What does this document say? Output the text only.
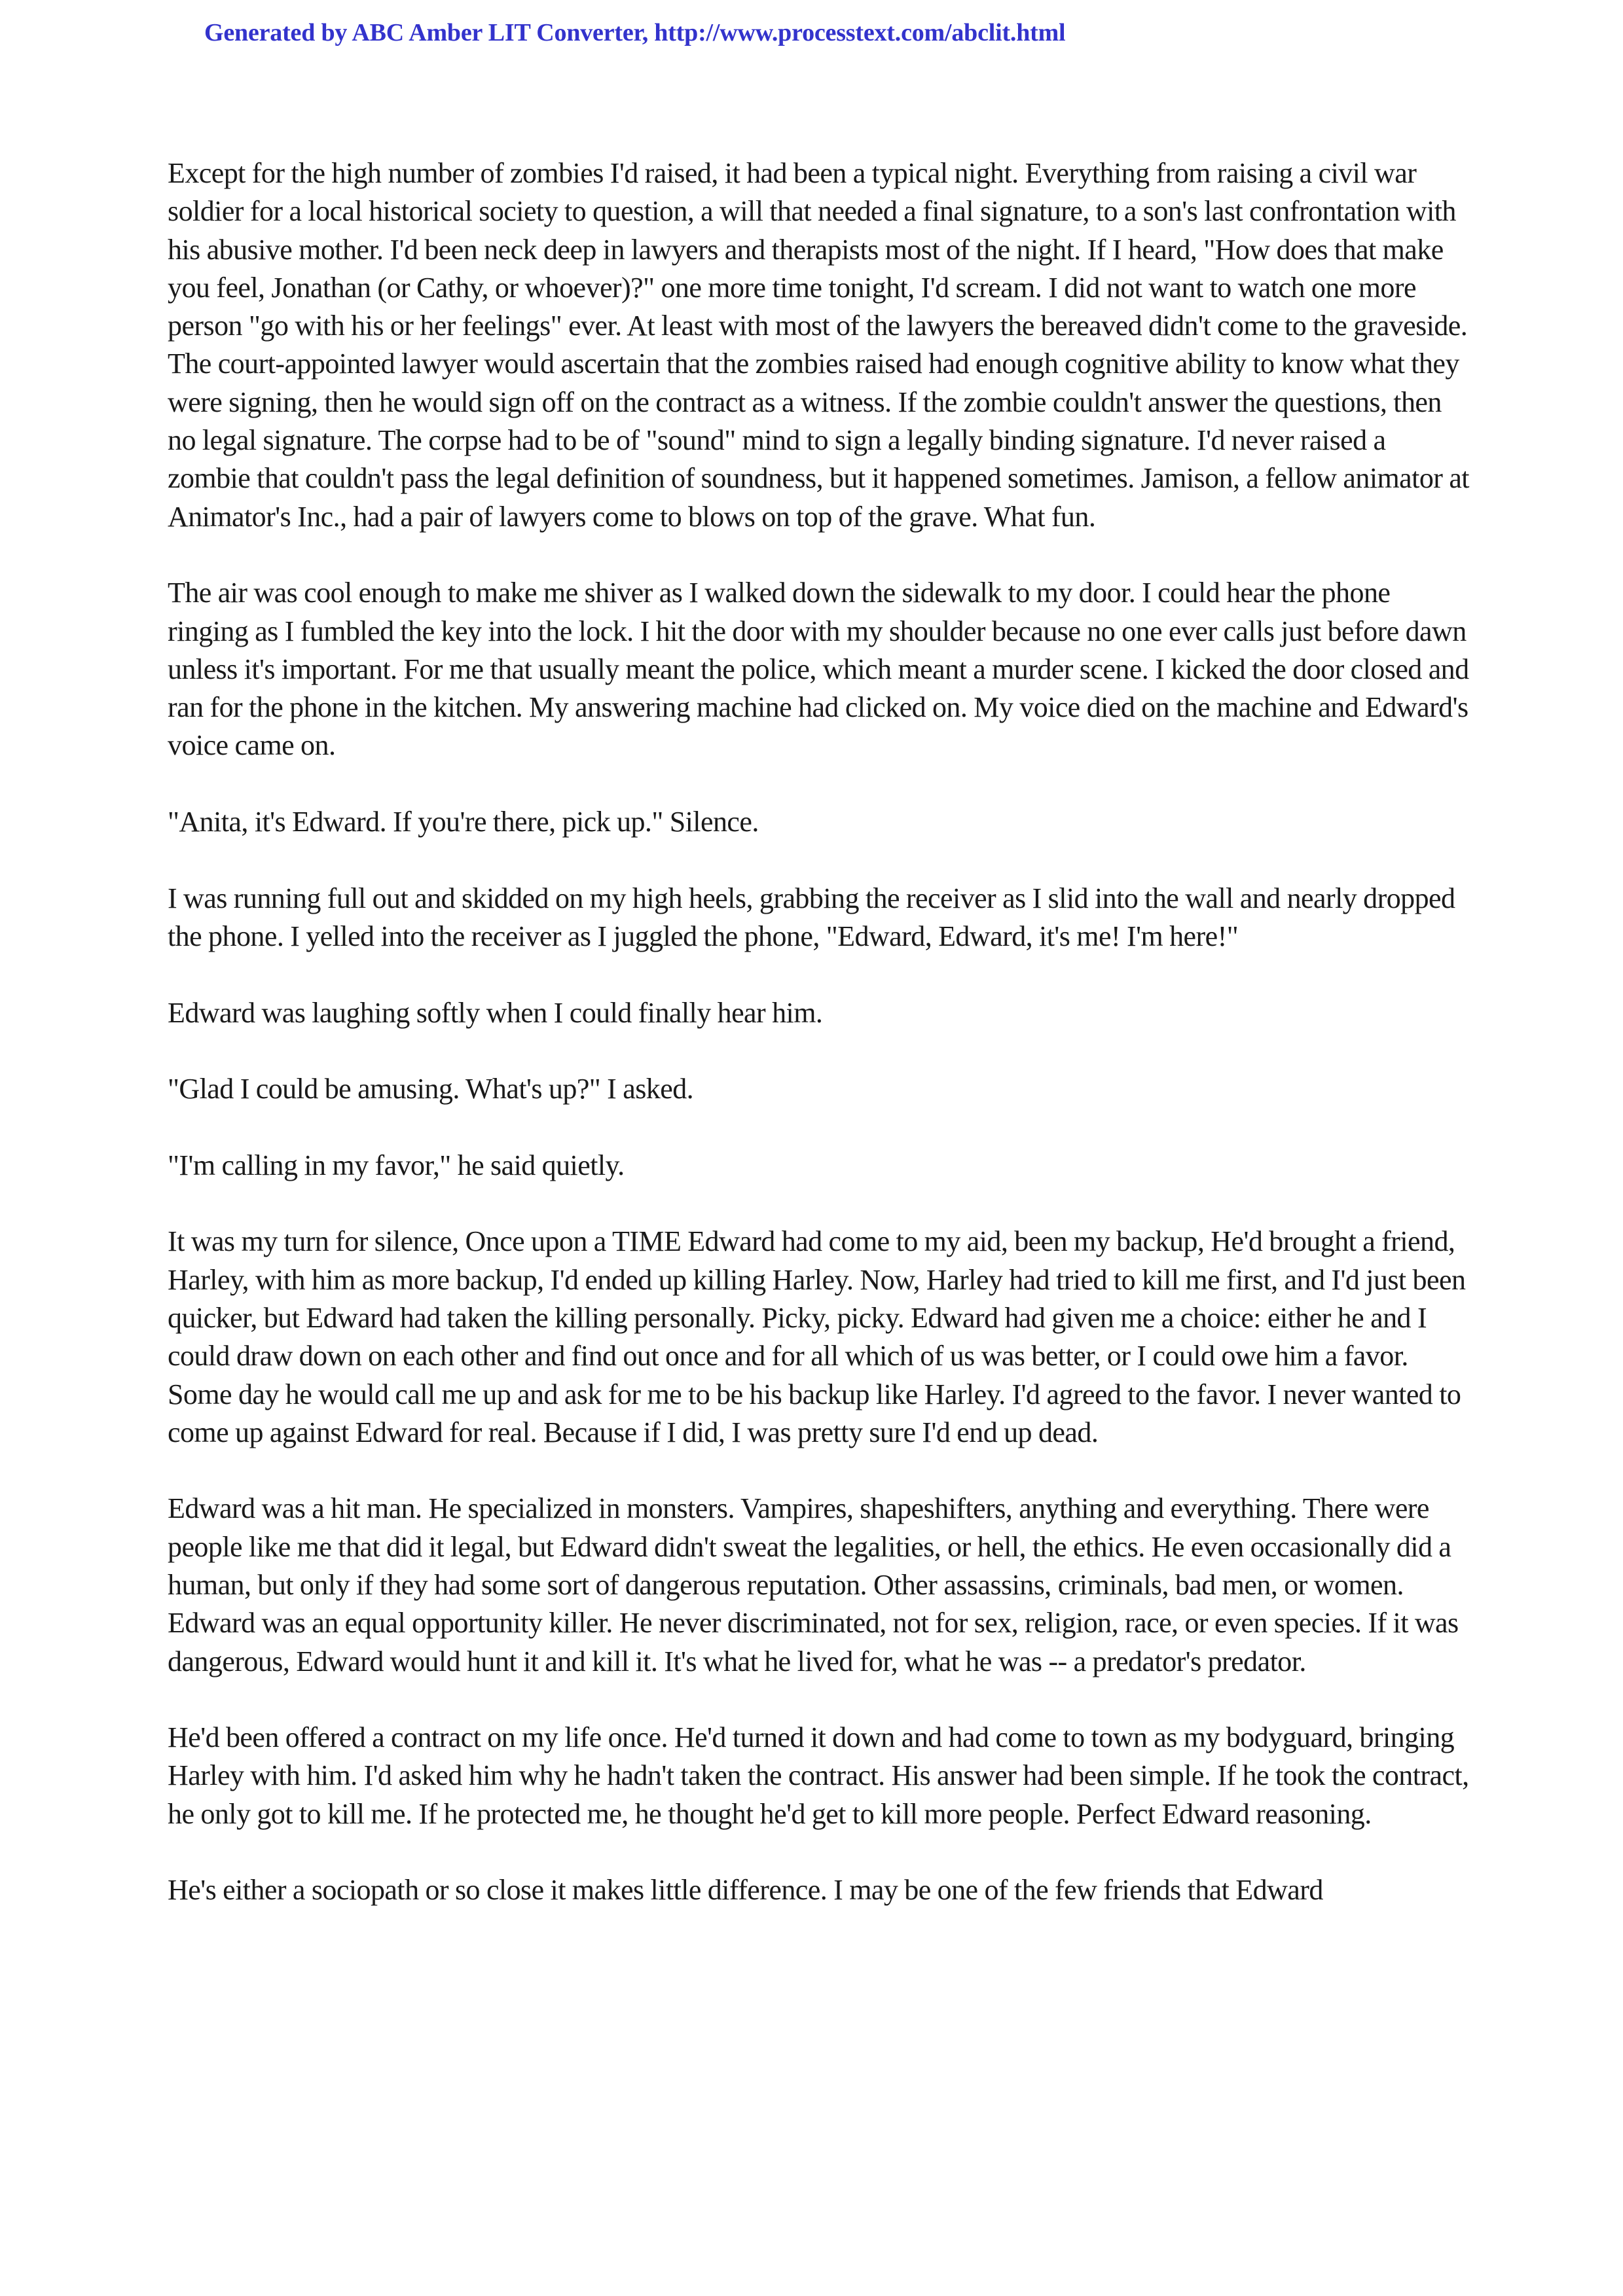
Generated by ABC Amber LIT Converter, http://www.processtext.com/abclit.html

Except for the high number of zombies I'd raised, it had been a typical night. Everything from raising a civil war soldier for a local historical society to question, a will that needed a final signature, to a son's last confrontation with his abusive mother. I'd been neck deep in lawyers and therapists most of the night. If I heard, "How does that make you feel, Jonathan (or Cathy, or whoever)?" one more time tonight, I'd scream. I did not want to watch one more person "go with his or her feelings" ever. At least with most of the lawyers the bereaved didn't come to the graveside. The court-appointed lawyer would ascertain that the zombies raised had enough cognitive ability to know what they were signing, then he would sign off on the contract as a witness. If the zombie couldn't answer the questions, then no legal signature. The corpse had to be of "sound" mind to sign a legally binding signature. I'd never raised a zombie that couldn't pass the legal definition of soundness, but it happened sometimes. Jamison, a fellow animator at Animator's Inc., had a pair of lawyers come to blows on top of the grave. What fun.

The air was cool enough to make me shiver as I walked down the sidewalk to my door. I could hear the phone ringing as I fumbled the key into the lock. I hit the door with my shoulder because no one ever calls just before dawn unless it's important. For me that usually meant the police, which meant a murder scene. I kicked the door closed and ran for the phone in the kitchen. My answering machine had clicked on. My voice died on the machine and Edward's voice came on.

"Anita, it's Edward. If you're there, pick up." Silence.

I was running full out and skidded on my high heels, grabbing the receiver as I slid into the wall and nearly dropped the phone. I yelled into the receiver as I juggled the phone, "Edward, Edward, it's me! I'm here!"

Edward was laughing softly when I could finally hear him.

"Glad I could be amusing. What's up?" I asked.

"I'm calling in my favor," he said quietly.

It was my turn for silence, Once upon a TIME Edward had come to my aid, been my backup, He'd brought a friend, Harley, with him as more backup, I'd ended up killing Harley. Now, Harley had tried to kill me first, and I'd just been quicker, but Edward had taken the killing personally. Picky, picky. Edward had given me a choice: either he and I could draw down on each other and find out once and for all which of us was better, or I could owe him a favor. Some day he would call me up and ask for me to be his backup like Harley. I'd agreed to the favor. I never wanted to come up against Edward for real. Because if I did, I was pretty sure I'd end up dead.

Edward was a hit man. He specialized in monsters. Vampires, shapeshifters, anything and everything. There were people like me that did it legal, but Edward didn't sweat the legalities, or hell, the ethics. He even occasionally did a human, but only if they had some sort of dangerous reputation. Other assassins, criminals, bad men, or women. Edward was an equal opportunity killer. He never discriminated, not for sex, religion, race, or even species. If it was dangerous, Edward would hunt it and kill it. It's what he lived for, what he was -- a predator's predator.

He'd been offered a contract on my life once. He'd turned it down and had come to town as my bodyguard, bringing Harley with him. I'd asked him why he hadn't taken the contract. His answer had been simple. If he took the contract, he only got to kill me. If he protected me, he thought he'd get to kill more people. Perfect Edward reasoning.

He's either a sociopath or so close it makes little difference. I may be one of the few friends that Edward
